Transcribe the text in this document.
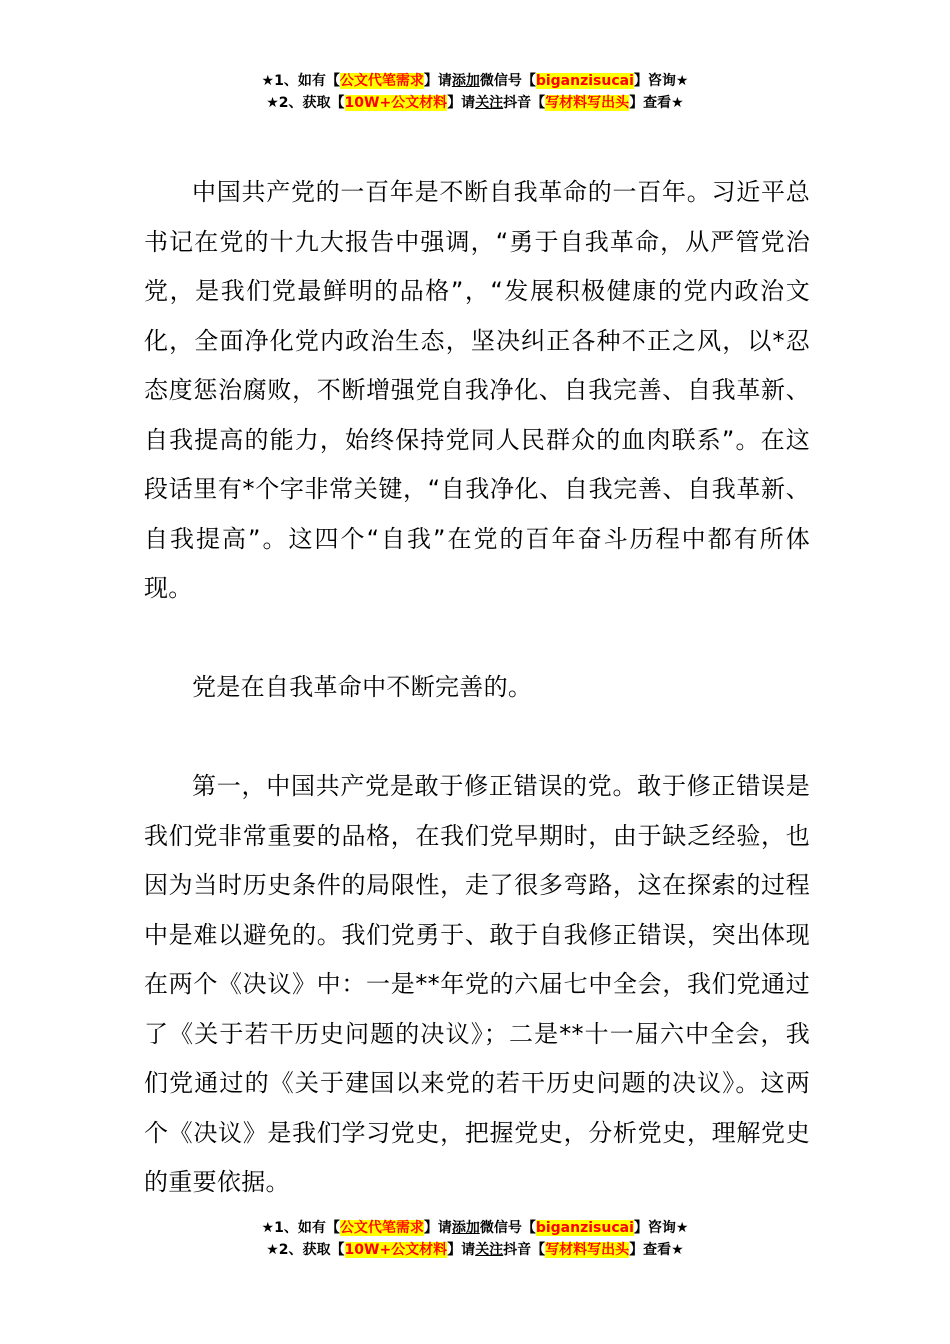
★1、如有【公文代笔需求】请添加微信号【biganzisucai】咨询★
★2、获取【10W+公文材料】请关注抖音【写材料写出头】查看★

中国共产党的一百年是不断自我革命的一百年。习近平总书记在党的十九大报告中强调，“勇于自我革命，从严管党治党，是我们党最鲜明的品格”，“发展积极健康的党内政治文化，全面净化党内政治生态，坚决纠正各种不正之风，以*忍态度惩治腐败，不断增强党自我净化、自我完善、自我革新、自我提高的能力，始终保持党同人民群众的血肉联系”。在这段话里有*个字非常关键，“自我净化、自我完善、自我革新、自我提高”。这四个“自我”在党的百年奋斗历程中都有所体现。

党是在自我革命中不断完善的。

第一，中国共产党是敢于修正错误的党。敢于修正错误是我们党非常重要的品格，在我们党早期时，由于缺乏经验，也因为当时历史条件的局限性，走了很多弯路，这在探索的过程中是难以避免的。我们党勇于、敢于自我修正错误，突出体现在两个《决议》中：一是**年党的六届七中全会，我们党通过了《关于若干历史问题的决议》；二是**十一届六中全会，我们党通过的《关于建国以来党的若干历史问题的决议》。这两个《决议》是我们学习党史，把握党史，分析党史，理解党史的重要依据。

★1、如有【公文代笔需求】请添加微信号【biganzisucai】咨询★
★2、获取【10W+公文材料】请关注抖音【写材料写出头】查看★
